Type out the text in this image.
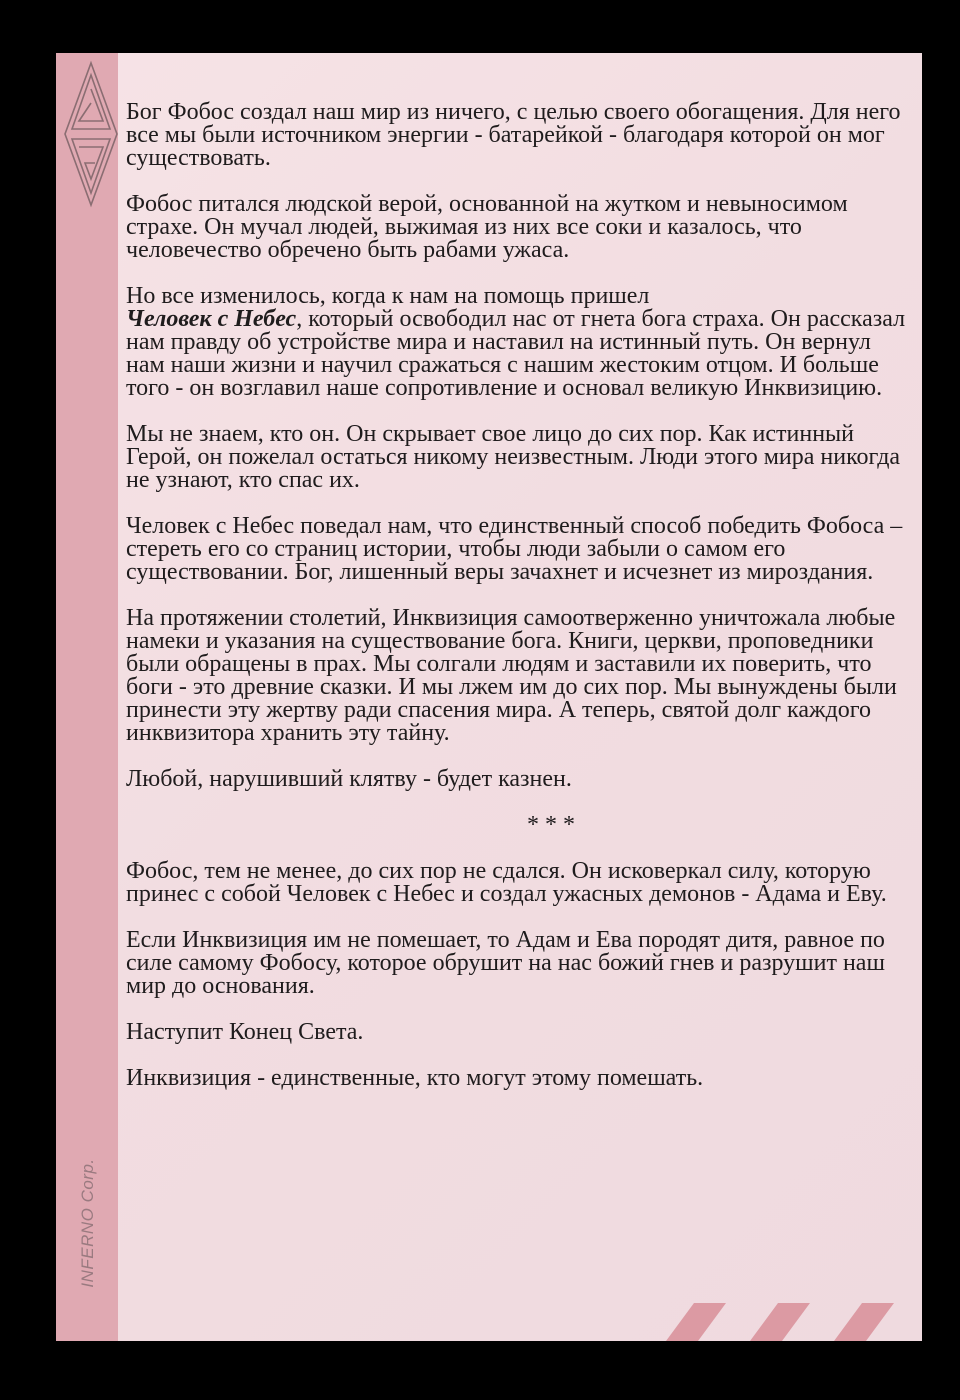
INFERNO Corp.

Бог Фобос создал наш мир из ничего, с целью своего обогащения. Для него все мы были источником энергии - батарейкой - благодаря которой он мог существовать.

Фобос питался людской верой, основанной на жутком и невыносимом страхе. Он мучал людей, выжимая из них все соки и казалось, что человечество обречено быть рабами ужаса.

Но все изменилось, когда к нам на помощь пришел
Человек с Небес, который освободил нас от гнета бога страха. Он рассказал нам правду об устройстве мира и наставил на истинный путь. Он вернул нам наши жизни и научил сражаться с нашим жестоким отцом. И больше того - он возглавил наше сопротивление и основал великую Инквизицию.

Мы не знаем, кто он. Он скрывает свое лицо до сих пор. Как истинный Герой, он пожелал остаться никому неизвестным. Люди этого мира никогда не узнают, кто спас их.

Человек с Небес поведал нам, что единственный способ победить Фобоса – стереть его со страниц истории, чтобы люди забыли о самом его существовании. Бог, лишенный веры зачахнет и исчезнет из мироздания.

На протяжении столетий, Инквизиция самоотверженно уничтожала любые намеки и указания на существование бога. Книги, церкви, проповедники были обращены в прах. Мы солгали людям и заставили их поверить, что боги - это древние сказки. И мы лжем им до сих пор. Мы вынуждены были принести эту жертву ради спасения мира. А теперь, святой долг каждого инквизитора хранить эту тайну.

Любой, нарушивший клятву - будет казнен.

* * *

Фобос, тем не менее, до сих пор не сдался. Он исковеркал силу, которую принес с собой Человек с Небес и создал ужасных демонов - Адама и Еву.

Если Инквизиция им не помешает, то Адам и Ева породят дитя, равное по силе самому Фобосу, которое обрушит на нас божий гнев и разрушит наш мир до основания.

Наступит Конец Света.

Инквизиция - единственные, кто могут этому помешать.
